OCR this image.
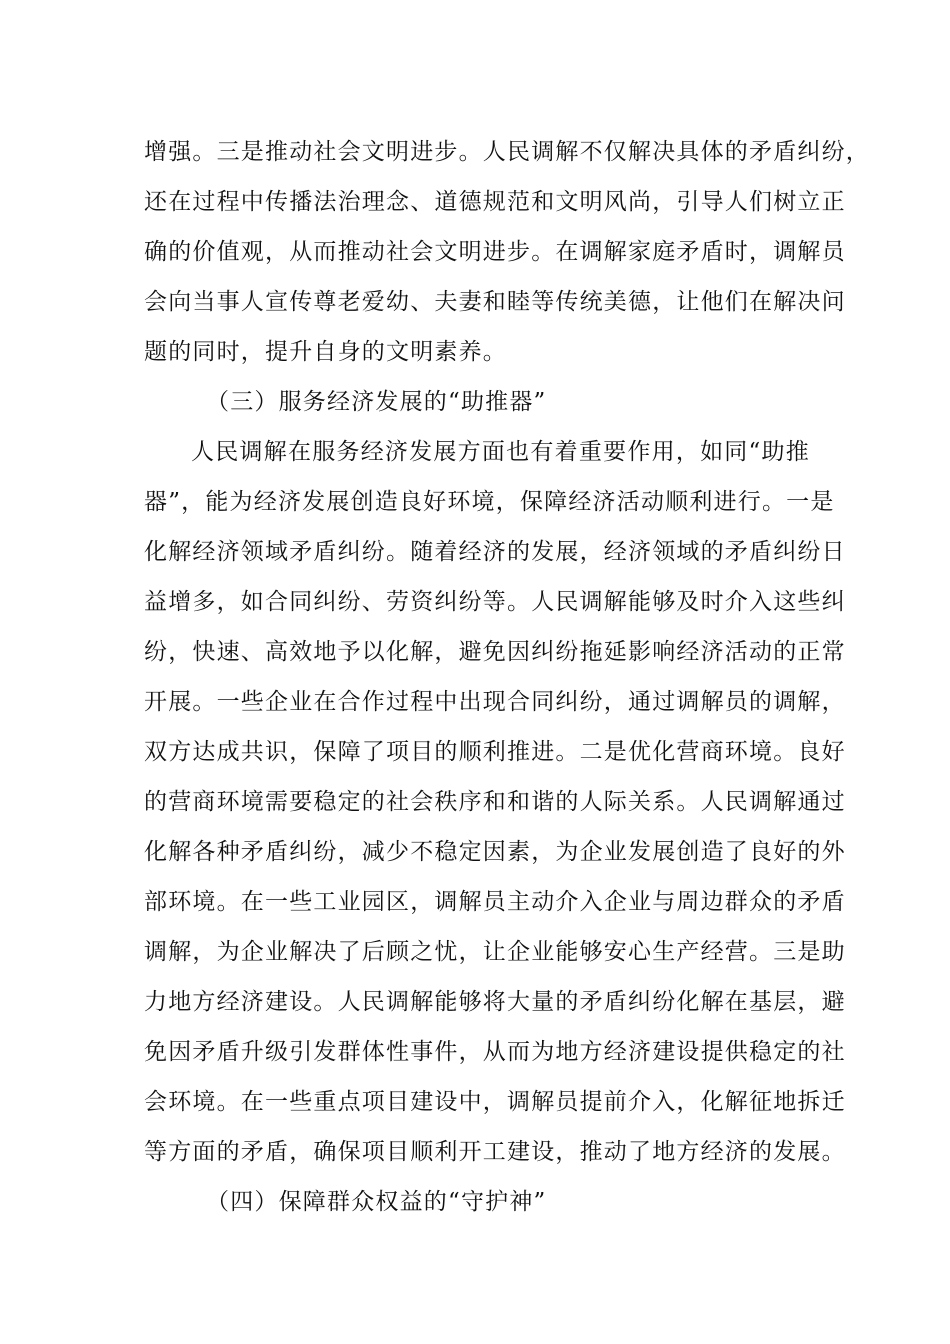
增强。三是推动社会文明进步。人民调解不仅解决具体的矛盾纠纷，
还在过程中传播法治理念、道德规范和文明风尚，引导人们树立正
确的价值观，从而推动社会文明进步。在调解家庭矛盾时，调解员
会向当事人宣传尊老爱幼、夫妻和睦等传统美德，让他们在解决问
题的同时，提升自身的文明素养。
（三）服务经济发展的“助推器”
人民调解在服务经济发展方面也有着重要作用，如同“助推
器”，能为经济发展创造良好环境，保障经济活动顺利进行。一是
化解经济领域矛盾纠纷。随着经济的发展，经济领域的矛盾纠纷日
益增多，如合同纠纷、劳资纠纷等。人民调解能够及时介入这些纠
纷，快速、高效地予以化解，避免因纠纷拖延影响经济活动的正常
开展。一些企业在合作过程中出现合同纠纷，通过调解员的调解，
双方达成共识，保障了项目的顺利推进。二是优化营商环境。良好
的营商环境需要稳定的社会秩序和和谐的人际关系。人民调解通过
化解各种矛盾纠纷，减少不稳定因素，为企业发展创造了良好的外
部环境。在一些工业园区，调解员主动介入企业与周边群众的矛盾
调解，为企业解决了后顾之忧，让企业能够安心生产经营。三是助
力地方经济建设。人民调解能够将大量的矛盾纠纷化解在基层，避
免因矛盾升级引发群体性事件，从而为地方经济建设提供稳定的社
会环境。在一些重点项目建设中，调解员提前介入，化解征地拆迁
等方面的矛盾，确保项目顺利开工建设，推动了地方经济的发展。
（四）保障群众权益的“守护神”
